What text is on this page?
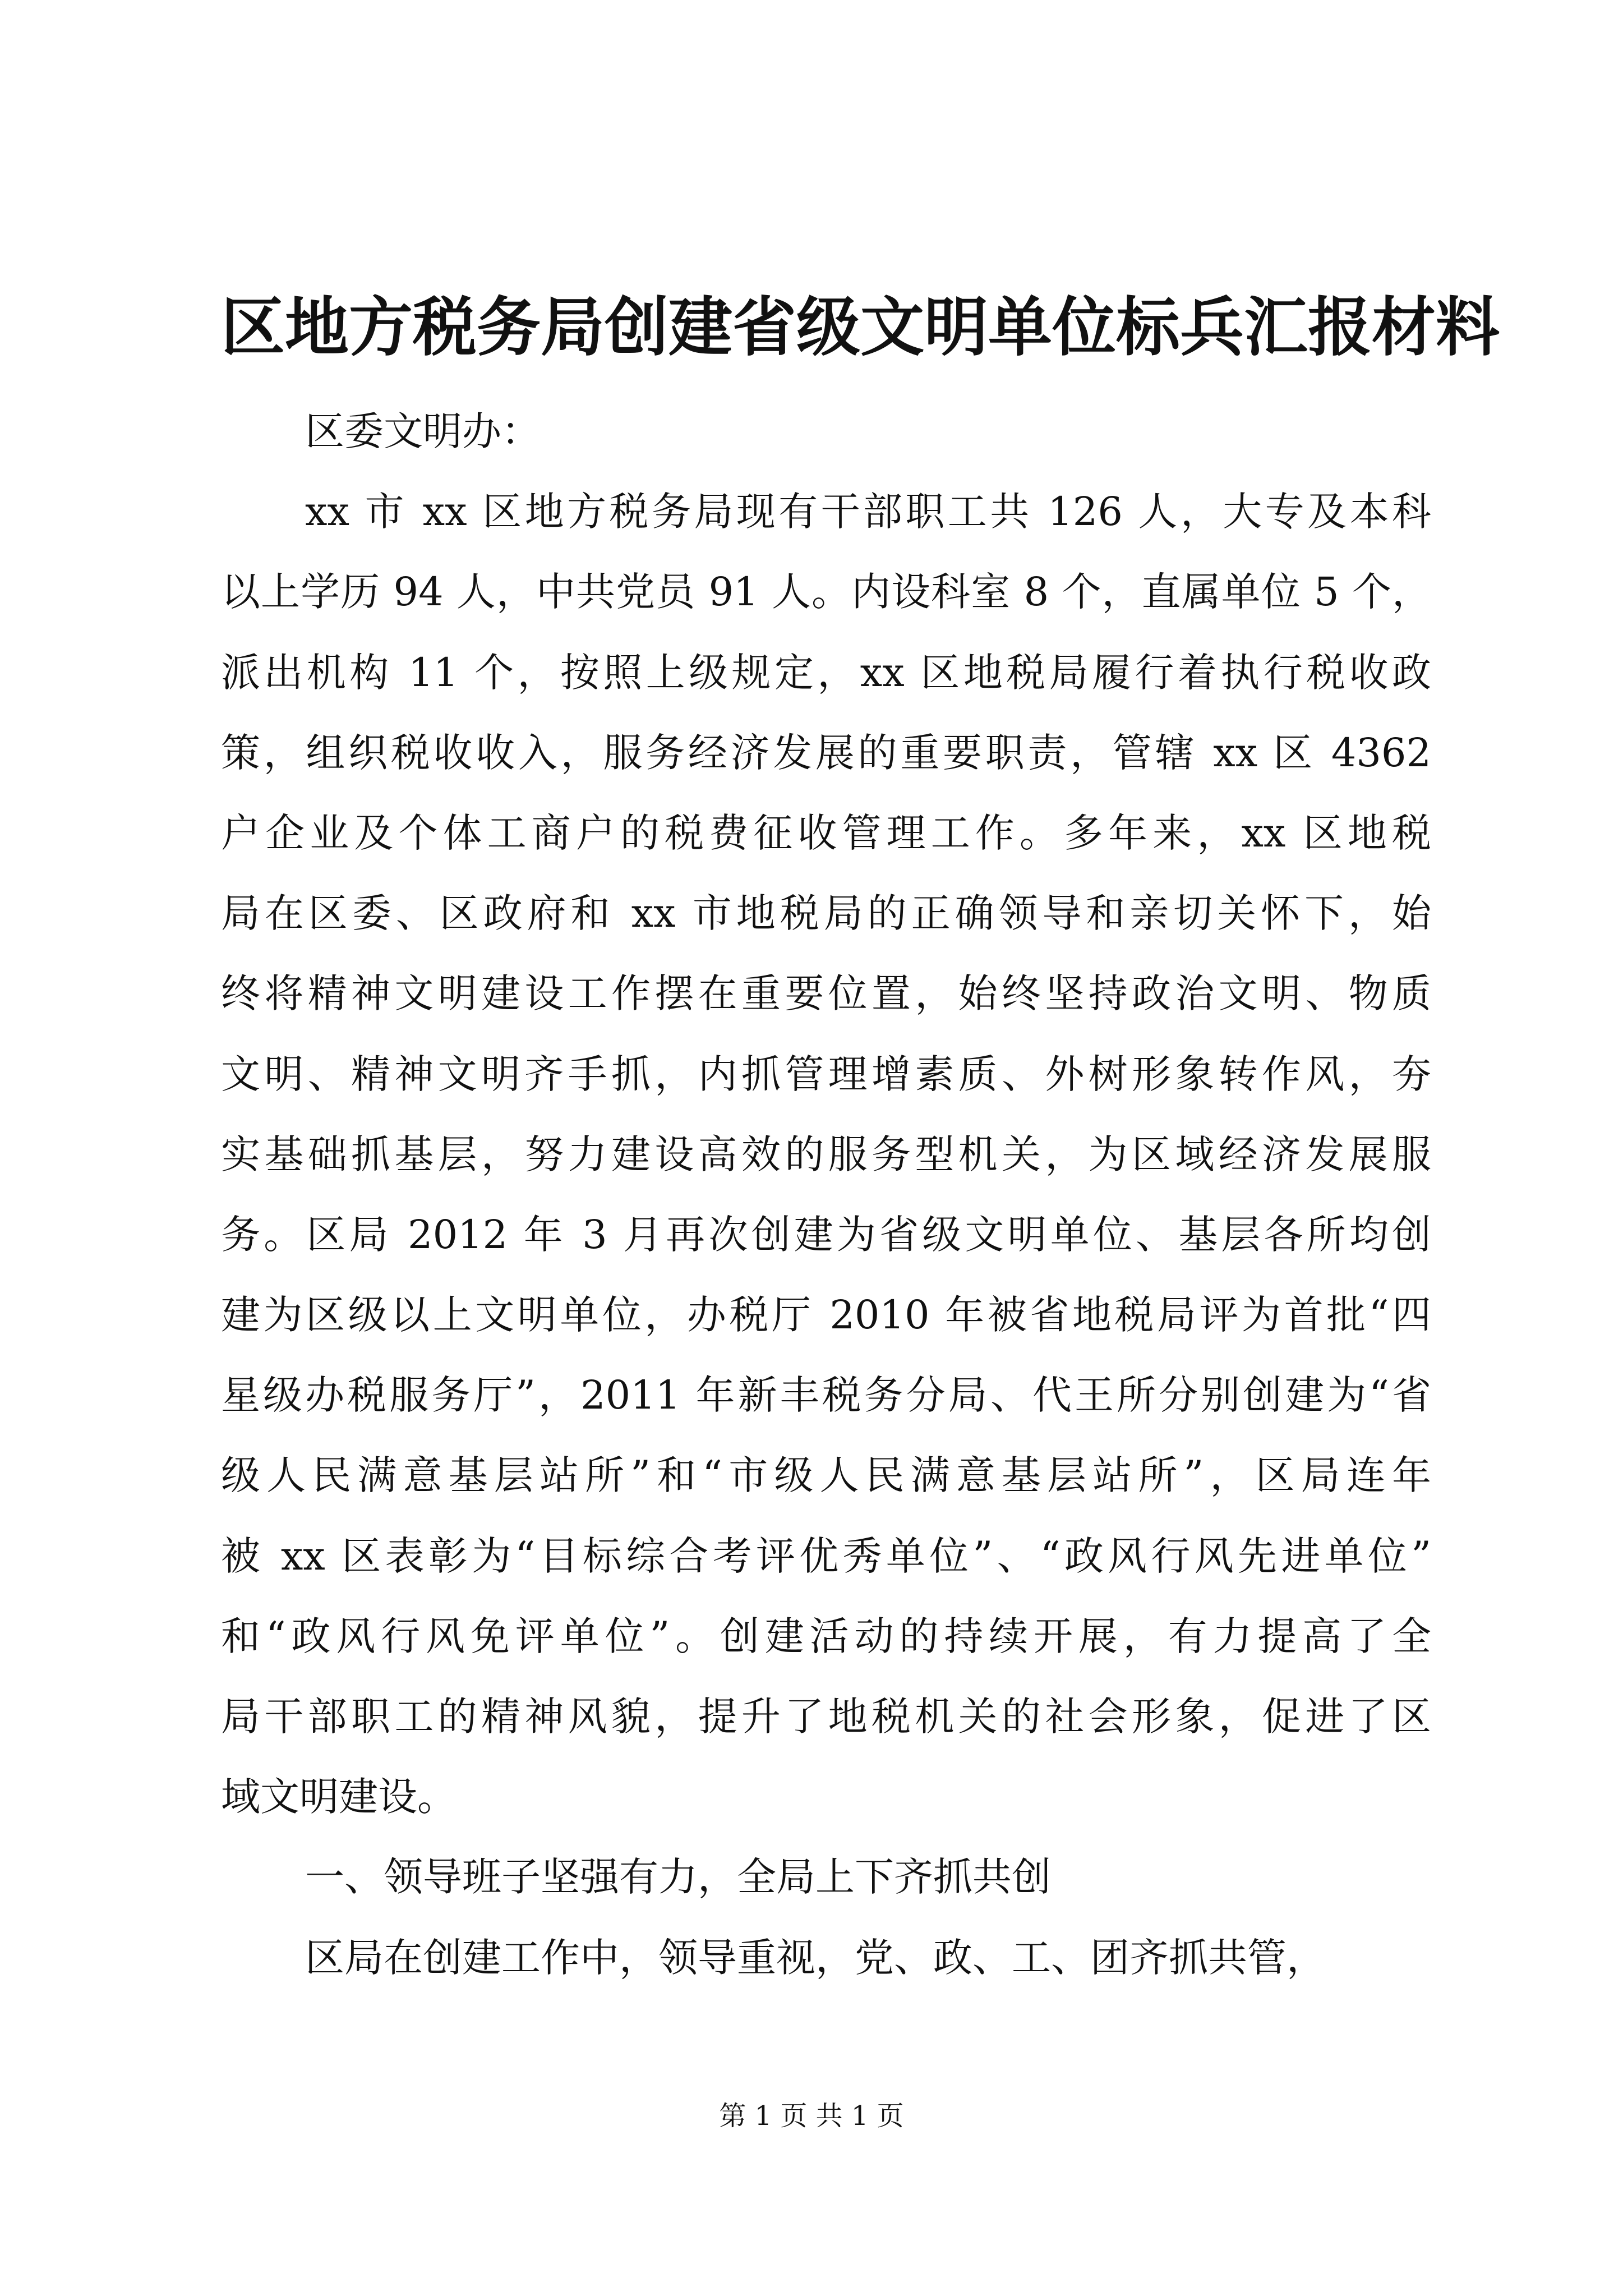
区地方税务局创建省级文明单位标兵汇报材料

区委文明办：

xx 市 xx 区地方税务局现有干部职工共 126 人，大专及本科
以上学历 94 人，中共党员 91 人。内设科室 8 个，直属单位 5 个，
派出机构 11 个，按照上级规定，xx 区地税局履行着执行税收政
策，组织税收收入，服务经济发展的重要职责，管辖 xx 区 4362
户企业及个体工商户的税费征收管理工作。多年来，xx 区地税
局在区委、区政府和 xx 市地税局的正确领导和亲切关怀下，始
终将精神文明建设工作摆在重要位置，始终坚持政治文明、物质
文明、精神文明齐手抓，内抓管理增素质、外树形象转作风，夯
实基础抓基层，努力建设高效的服务型机关，为区域经济发展服
务。区局 2012 年 3 月再次创建为省级文明单位、基层各所均创
建为区级以上文明单位，办税厅 2010 年被省地税局评为首批“四
星级办税服务厅”，2011 年新丰税务分局、代王所分别创建为“省
级人民满意基层站所”和“市级人民满意基层站所”，区局连年
被 xx 区表彰为“目标综合考评优秀单位”、“政风行风先进单位”
和“政风行风免评单位”。创建活动的持续开展，有力提高了全
局干部职工的精神风貌，提升了地税机关的社会形象，促进了区
域文明建设。

一、领导班子坚强有力，全局上下齐抓共创

区局在创建工作中，领导重视，党、政、工、团齐抓共管，

第 1 页 共 1 页
